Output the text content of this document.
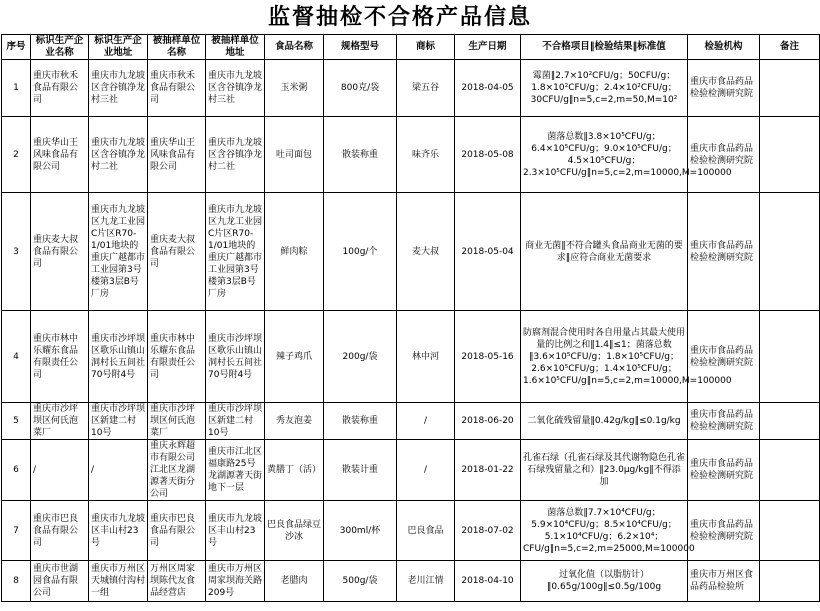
监督抽检不合格产品信息
序号	标识生产企业名称	标识生产企业地址	被抽样单位名称	被抽样单位地址	食品名称	规格型号	商标	生产日期	不合格项目‖检验结果‖标准值	检验机构	备注
1	重庆市秋禾食品有限公司	重庆市九龙坡区含谷镇净龙村三社	重庆市秋禾食品有限公司	重庆市九龙坡区含谷镇净龙村三社	玉米粥	800克/袋	梁五谷	2018-04-05	霉菌‖2.7×10²CFU/g；50CFU/g；1.8×10²CFU/g；2.4×10²CFU/g；30CFU/g‖n=5,c=2,m=50,M=10²	重庆市食品药品检验检测研究院	
2	重庆华山王风味食品有限公司	重庆市九龙坡区含谷镇净龙村二社	重庆华山王风味食品有限公司	重庆市九龙坡区含谷镇净龙村二社	吐司面包	散装称重	味齐乐	2018-05-08	菌落总数‖3.8×10⁵CFU/g；6.4×10⁵CFU/g；9.0×10⁵CFU/g；4.5×10⁵CFU/g；2.3×10⁵CFU/g‖n=5,c=2,m=10000,M=100000	重庆市食品药品检验检测研究院	
3	重庆麦大叔食品有限公司	重庆市九龙坡区九龙工业园C片区R70-1/01地块的重庆广越都市工业园第3号楼第3层B号厂房	重庆麦大叔食品有限公司	重庆市九龙坡区九龙工业园C片区R70-1/01地块的重庆广越都市工业园第3号楼第3层B号厂房	鲜肉粽	100g/个	麦大叔	2018-05-04	商业无菌‖不符合罐头食品商业无菌的要求‖应符合商业无菌要求	重庆市食品药品检验检测研究院	
4	重庆市林中乐耀东食品有限责任公司	重庆市沙坪坝区歌乐山镇山洞村长五间社70号附4号	重庆市林中乐耀东食品有限责任公司	重庆市沙坪坝区歌乐山镇山洞村长五间社70号附4号	辣子鸡爪	200g/袋	林中河	2018-05-16	防腐剂混合使用时各自用量占其最大使用量的比例之和‖1.4‖≤1；菌落总数‖3.6×10⁵CFU/g；1.8×10⁵CFU/g；2.6×10⁵CFU/g；1.4×10⁵CFU/g；1.6×10⁵CFU/g‖n=5,c=2,m=10000,M=100000	重庆市食品药品检验检测研究院	
5	重庆市沙坪坝区何氏泡菜厂	重庆市沙坪坝区新建二村10号	重庆市沙坪坝区何氏泡菜厂	重庆市沙坪坝区新建二村10号	秀友泡姜	散装称重	/	2018-06-20	二氧化硫残留量‖0.42g/kg‖≤0.1g/kg	重庆市食品药品检验检测研究院	
6	/	/	重庆永辉超市有限公司江北区龙湖源著天街分公司	重庆市江北区福康路25号龙湖源著天街地下一层	黄膳丁（活）	散装计重	/	2018-01-22	孔雀石绿（孔雀石绿及其代谢物隐色孔雀石绿残留量之和）‖23.0μg/kg‖不得添加	重庆市食品药品检验检测研究院	
7	重庆市巴良食品有限公司	重庆市九龙坡区丰山村23号	重庆市巴良食品有限公司	重庆市九龙坡区丰山村23号	巴良食品绿豆沙冰	300ml/杯	巴良食品	2018-07-02	菌落总数‖7.7×10⁴CFU/g；5.9×10⁴CFU/g；8.5×10⁴CFU/g；5.1×10⁴CFU/g；6.2×10⁴；CFU/g‖n=5,c=2,m=25000,M=100000	重庆市食品药品检验检测研究院	
8	重庆市世湖园食品有限公司	重庆市万州区天城镇付沟村一组	万州区周家坝陈代友食品经营店	重庆市万州区周家坝海关路209号	老腊肉	500g/袋	老川江情	2018-04-10	过氧化值（以脂肪计）‖0.65g/100g‖≤0.5g/100g	重庆市万州区食品药品检验所	
